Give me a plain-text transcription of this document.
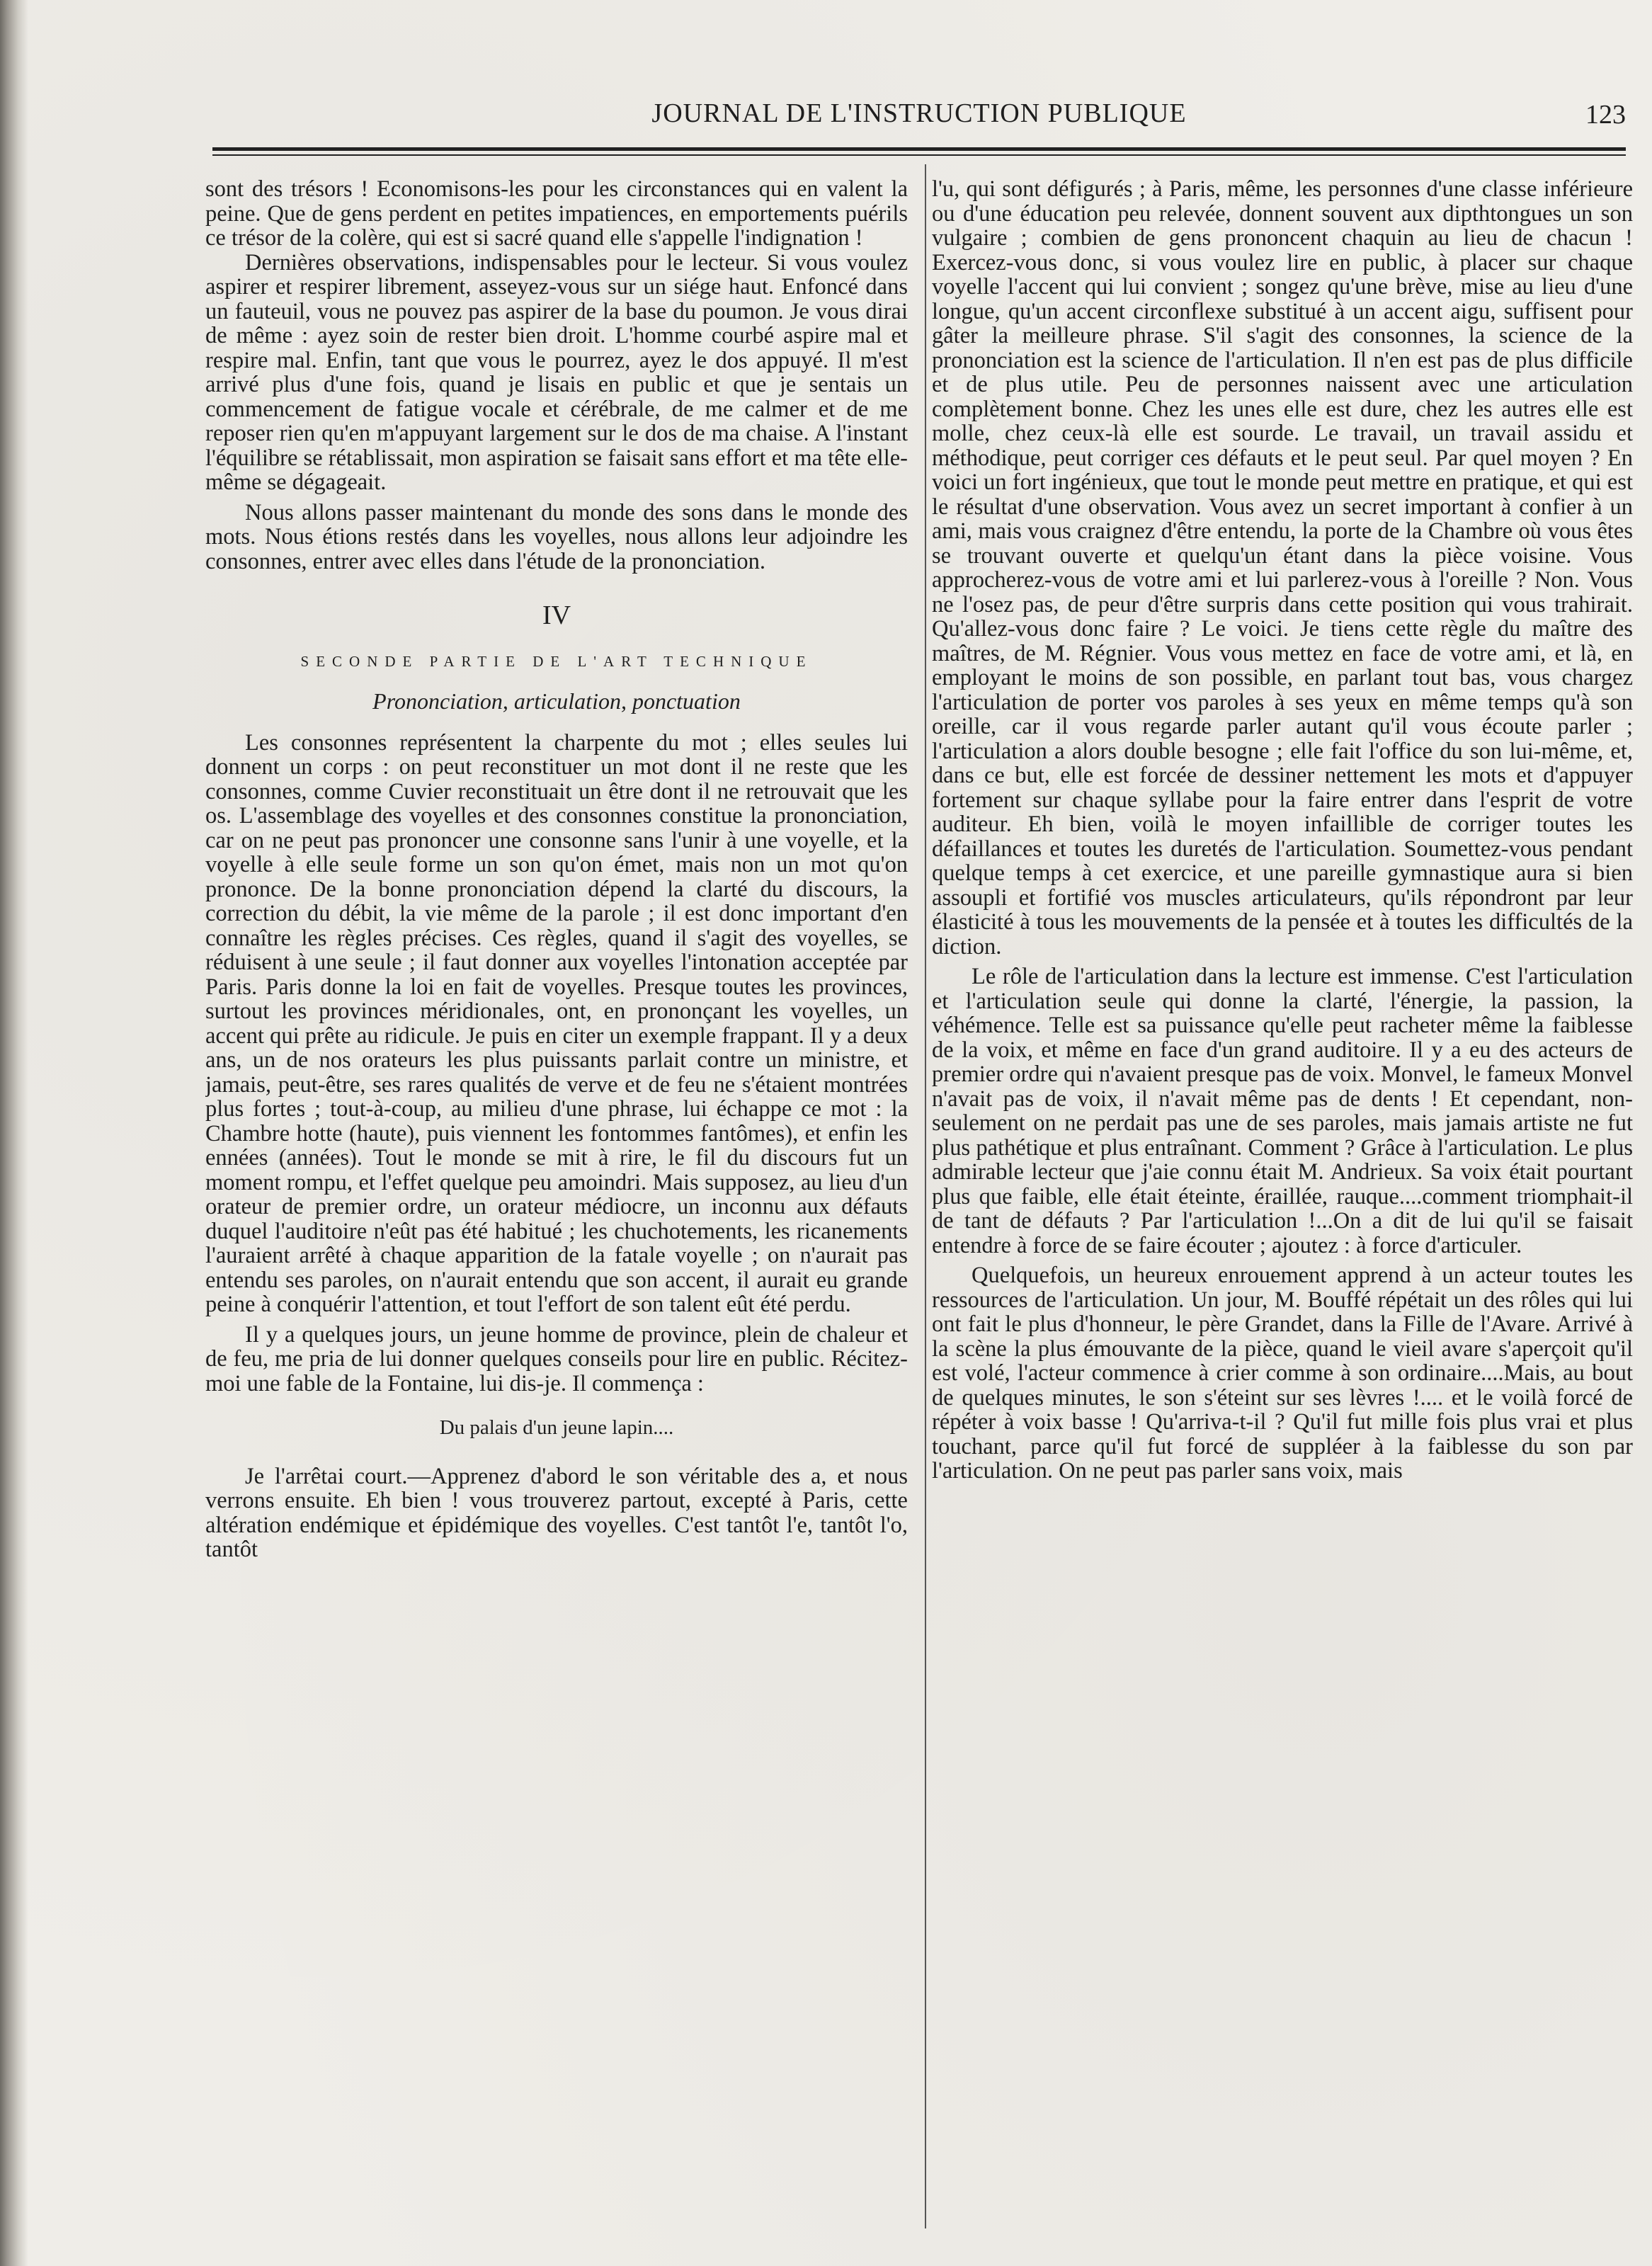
JOURNAL DE L'INSTRUCTION PUBLIQUE	123

sont des trésors ! Economisons-les pour les circonstances qui en valent la peine. Que de gens perdent en petites impatiences, en emportements puérils ce trésor de la colère, qui est si sacré quand elle s'appelle l'indignation !

Dernières observations, indispensables pour le lecteur. Si vous voulez aspirer et respirer librement, asseyez-vous sur un siége haut. Enfoncé dans un fauteuil, vous ne pouvez pas aspirer de la base du poumon. Je vous dirai de même : ayez soin de rester bien droit. L'homme courbé aspire mal et respire mal. Enfin, tant que vous le pourrez, ayez le dos appuyé. Il m'est arrivé plus d'une fois, quand je lisais en public et que je sentais un commencement de fatigue vocale et cérébrale, de me calmer et de me reposer rien qu'en m'appuyant largement sur le dos de ma chaise. A l'instant l'équilibre se rétablissait, mon aspiration se faisait sans effort et ma tête elle-même se dégageait.

Nous allons passer maintenant du monde des sons dans le monde des mots. Nous étions restés dans les voyelles, nous allons leur adjoindre les consonnes, entrer avec elles dans l'étude de la prononciation.

IV
SECONDE PARTIE DE L'ART TECHNIQUE
Prononciation, articulation, ponctuation

Les consonnes représentent la charpente du mot ; elles seules lui donnent un corps : on peut reconstituer un mot dont il ne reste que les consonnes, comme Cuvier reconstituait un être dont il ne retrouvait que les os. L'assemblage des voyelles et des consonnes constitue la prononciation, car on ne peut pas prononcer une consonne sans l'unir à une voyelle, et la voyelle à elle seule forme un son qu'on émet, mais non un mot qu'on prononce. De la bonne prononciation dépend la clarté du discours, la correction du débit, la vie même de la parole ; il est donc important d'en connaître les règles précises. Ces règles, quand il s'agit des voyelles, se réduisent à une seule ; il faut donner aux voyelles l'intonation acceptée par Paris. Paris donne la loi en fait de voyelles. Presque toutes les provinces, surtout les provinces méridionales, ont, en prononçant les voyelles, un accent qui prête au ridicule. Je puis en citer un exemple frappant. Il y a deux ans, un de nos orateurs les plus puissants parlait contre un ministre, et jamais, peut-être, ses rares qualités de verve et de feu ne s'étaient montrées plus fortes ; tout-à-coup, au milieu d'une phrase, lui échappe ce mot : la Chambre hotte (haute), puis viennent les fontommes fantômes), et enfin les ennées (années). Tout le monde se mit à rire, le fil du discours fut un moment rompu, et l'effet quelque peu amoindri. Mais supposez, au lieu d'un orateur de premier ordre, un orateur médiocre, un inconnu aux défauts duquel l'auditoire n'eût pas été habitué ; les chuchotements, les ricanements l'auraient arrêté à chaque apparition de la fatale voyelle ; on n'aurait pas entendu ses paroles, on n'aurait entendu que son accent, il aurait eu grande peine à conquérir l'attention, et tout l'effort de son talent eût été perdu.

Il y a quelques jours, un jeune homme de province, plein de chaleur et de feu, me pria de lui donner quelques conseils pour lire en public. Récitez-moi une fable de la Fontaine, lui dis-je. Il commença :

Du palais d'un jeune lapin....

Je l'arrêtai court.—Apprenez d'abord le son véritable des a, et nous verrons ensuite. Eh bien ! vous trouverez partout, excepté à Paris, cette altération endémique et épidémique des voyelles. C'est tantôt l'e, tantôt l'o, tantôt

l'u, qui sont défigurés ; à Paris, même, les personnes d'une classe inférieure ou d'une éducation peu relevée, donnent souvent aux dipthtongues un son vulgaire ; combien de gens prononcent chaquin au lieu de chacun ! Exercez-vous donc, si vous voulez lire en public, à placer sur chaque voyelle l'accent qui lui convient ; songez qu'une brève, mise au lieu d'une longue, qu'un accent circonflexe substitué à un accent aigu, suffisent pour gâter la meilleure phrase. S'il s'agit des consonnes, la science de la prononciation est la science de l'articulation. Il n'en est pas de plus difficile et de plus utile. Peu de personnes naissent avec une articulation complètement bonne. Chez les unes elle est dure, chez les autres elle est molle, chez ceux-là elle est sourde. Le travail, un travail assidu et méthodique, peut corriger ces défauts et le peut seul. Par quel moyen ? En voici un fort ingénieux, que tout le monde peut mettre en pratique, et qui est le résultat d'une observation. Vous avez un secret important à confier à un ami, mais vous craignez d'être entendu, la porte de la Chambre où vous êtes se trouvant ouverte et quelqu'un étant dans la pièce voisine. Vous approcherez-vous de votre ami et lui parlerez-vous à l'oreille ? Non. Vous ne l'osez pas, de peur d'être surpris dans cette position qui vous trahirait. Qu'allez-vous donc faire ? Le voici. Je tiens cette règle du maître des maîtres, de M. Régnier. Vous vous mettez en face de votre ami, et là, en employant le moins de son possible, en parlant tout bas, vous chargez l'articulation de porter vos paroles à ses yeux en même temps qu'à son oreille, car il vous regarde parler autant qu'il vous écoute parler ; l'articulation a alors double besogne ; elle fait l'office du son lui-même, et, dans ce but, elle est forcée de dessiner nettement les mots et d'appuyer fortement sur chaque syllabe pour la faire entrer dans l'esprit de votre auditeur. Eh bien, voilà le moyen infaillible de corriger toutes les défaillances et toutes les duretés de l'articulation. Soumettez-vous pendant quelque temps à cet exercice, et une pareille gymnastique aura si bien assoupli et fortifié vos muscles articulateurs, qu'ils répondront par leur élasticité à tous les mouvements de la pensée et à toutes les difficultés de la diction.

Le rôle de l'articulation dans la lecture est immense. C'est l'articulation et l'articulation seule qui donne la clarté, l'énergie, la passion, la véhémence. Telle est sa puissance qu'elle peut racheter même la faiblesse de la voix, et même en face d'un grand auditoire. Il y a eu des acteurs de premier ordre qui n'avaient presque pas de voix. Monvel, le fameux Monvel n'avait pas de voix, il n'avait même pas de dents ! Et cependant, non-seulement on ne perdait pas une de ses paroles, mais jamais artiste ne fut plus pathétique et plus entraînant. Comment ? Grâce à l'articulation. Le plus admirable lecteur que j'aie connu était M. Andrieux. Sa voix était pourtant plus que faible, elle était éteinte, éraillée, rauque....comment triomphait-il de tant de défauts ? Par l'articulation !...On a dit de lui qu'il se faisait entendre à force de se faire écouter ; ajoutez : à force d'articuler.

Quelquefois, un heureux enrouement apprend à un acteur toutes les ressources de l'articulation. Un jour, M. Bouffé répétait un des rôles qui lui ont fait le plus d'honneur, le père Grandet, dans la Fille de l'Avare. Arrivé à la scène la plus émouvante de la pièce, quand le vieil avare s'aperçoit qu'il est volé, l'acteur commence à crier comme à son ordinaire....Mais, au bout de quelques minutes, le son s'éteint sur ses lèvres !.... et le voilà forcé de répéter à voix basse ! Qu'arriva-t-il ? Qu'il fut mille fois plus vrai et plus touchant, parce qu'il fut forcé de suppléer à la faiblesse du son par l'articulation. On ne peut pas parler sans voix, mais
